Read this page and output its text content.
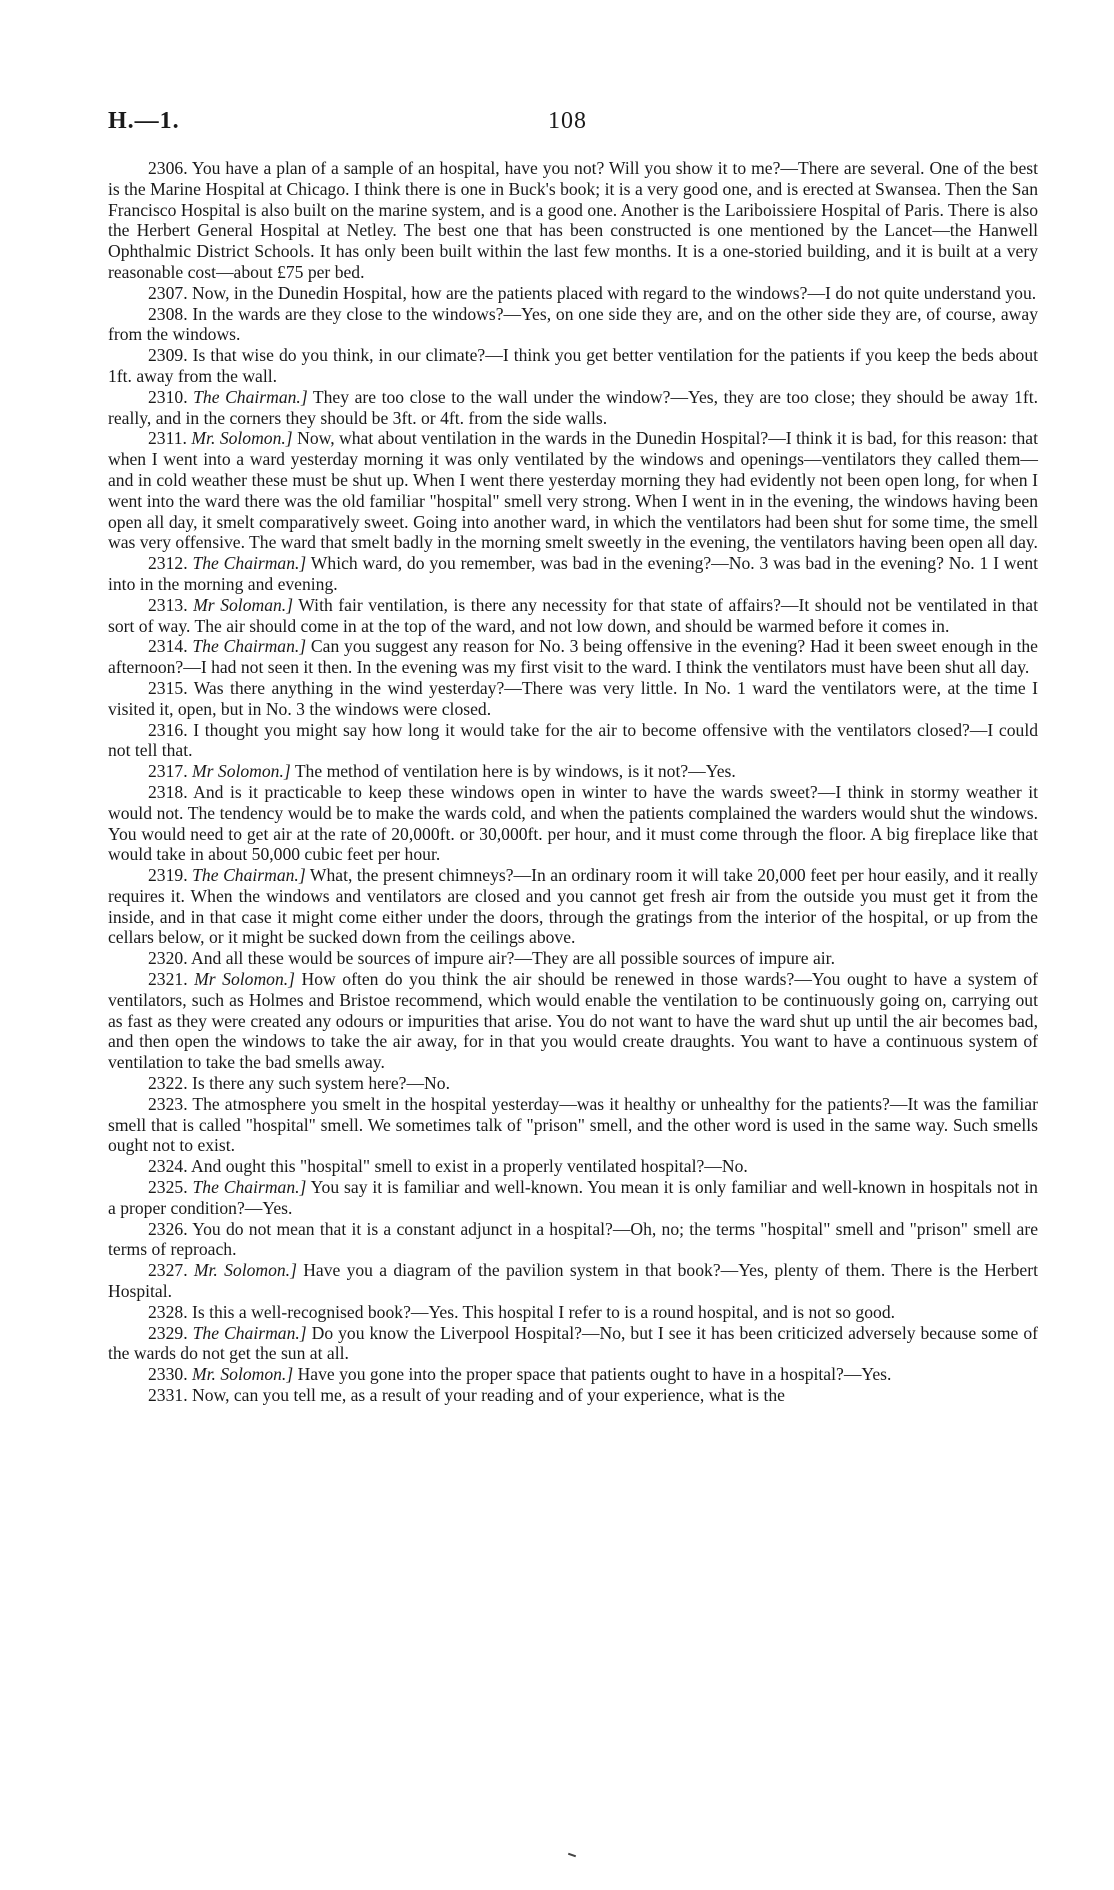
H.—1.	108

2306. You have a plan of a sample of an hospital, have you not? Will you show it to me?—There are several. One of the best is the Marine Hospital at Chicago. I think there is one in Buck's book; it is a very good one, and is erected at Swansea. Then the San Francisco Hospital is also built on the marine system, and is a good one. Another is the Lariboissiere Hospital of Paris. There is also the Herbert General Hospital at Netley. The best one that has been constructed is one mentioned by the Lancet—the Hanwell Ophthalmic District Schools. It has only been built within the last few months. It is a one-storied building, and it is built at a very reasonable cost—about £75 per bed.

2307. Now, in the Dunedin Hospital, how are the patients placed with regard to the windows?—I do not quite understand you.

2308. In the wards are they close to the windows?—Yes, on one side they are, and on the other side they are, of course, away from the windows.

2309. Is that wise do you think, in our climate?—I think you get better ventilation for the patients if you keep the beds about 1ft. away from the wall.

2310. The Chairman.] They are too close to the wall under the window?—Yes, they are too close; they should be away 1ft. really, and in the corners they should be 3ft. or 4ft. from the side walls.

2311. Mr. Solomon.] Now, what about ventilation in the wards in the Dunedin Hospital?—I think it is bad, for this reason: that when I went into a ward yesterday morning it was only ventilated by the windows and openings—ventilators they called them—and in cold weather these must be shut up. When I went there yesterday morning they had evidently not been open long, for when I went into the ward there was the old familiar "hospital" smell very strong. When I went in in the evening, the windows having been open all day, it smelt comparatively sweet. Going into another ward, in which the ventilators had been shut for some time, the smell was very offensive. The ward that smelt badly in the morning smelt sweetly in the evening, the ventilators having been open all day.

2312. The Chairman.] Which ward, do you remember, was bad in the evening?—No. 3 was bad in the evening? No. 1 I went into in the morning and evening.

2313. Mr Soloman.] With fair ventilation, is there any necessity for that state of affairs?—It should not be ventilated in that sort of way. The air should come in at the top of the ward, and not low down, and should be warmed before it comes in.

2314. The Chairman.] Can you suggest any reason for No. 3 being offensive in the evening? Had it been sweet enough in the afternoon?—I had not seen it then. In the evening was my first visit to the ward. I think the ventilators must have been shut all day.

2315. Was there anything in the wind yesterday?—There was very little. In No. 1 ward the ventilators were, at the time I visited it, open, but in No. 3 the windows were closed.

2316. I thought you might say how long it would take for the air to become offensive with the ventilators closed?—I could not tell that.

2317. Mr Solomon.] The method of ventilation here is by windows, is it not?—Yes.

2318. And is it practicable to keep these windows open in winter to have the wards sweet?—I think in stormy weather it would not. The tendency would be to make the wards cold, and when the patients complained the warders would shut the windows. You would need to get air at the rate of 20,000ft. or 30,000ft. per hour, and it must come through the floor. A big fireplace like that would take in about 50,000 cubic feet per hour.

2319. The Chairman.] What, the present chimneys?—In an ordinary room it will take 20,000 feet per hour easily, and it really requires it. When the windows and ventilators are closed and you cannot get fresh air from the outside you must get it from the inside, and in that case it might come either under the doors, through the gratings from the interior of the hospital, or up from the cellars below, or it might be sucked down from the ceilings above.

2320. And all these would be sources of impure air?—They are all possible sources of impure air.

2321. Mr Solomon.] How often do you think the air should be renewed in those wards?—You ought to have a system of ventilators, such as Holmes and Bristoe recommend, which would enable the ventilation to be continuously going on, carrying out as fast as they were created any odours or impurities that arise. You do not want to have the ward shut up until the air becomes bad, and then open the windows to take the air away, for in that you would create draughts. You want to have a continuous system of ventilation to take the bad smells away.

2322. Is there any such system here?—No.

2323. The atmosphere you smelt in the hospital yesterday—was it healthy or unhealthy for the patients?—It was the familiar smell that is called "hospital" smell. We sometimes talk of "prison" smell, and the other word is used in the same way. Such smells ought not to exist.

2324. And ought this "hospital" smell to exist in a properly ventilated hospital?—No.

2325. The Chairman.] You say it is familiar and well-known. You mean it is only familiar and well-known in hospitals not in a proper condition?—Yes.

2326. You do not mean that it is a constant adjunct in a hospital?—Oh, no; the terms "hospital" smell and "prison" smell are terms of reproach.

2327. Mr. Solomon.] Have you a diagram of the pavilion system in that book?—Yes, plenty of them. There is the Herbert Hospital.

2328. Is this a well-recognised book?—Yes. This hospital I refer to is a round hospital, and is not so good.

2329. The Chairman.] Do you know the Liverpool Hospital?—No, but I see it has been criticized adversely because some of the wards do not get the sun at all.

2330. Mr. Solomon.] Have you gone into the proper space that patients ought to have in a hospital?—Yes.

2331. Now, can you tell me, as a result of your reading and of your experience, what is the
